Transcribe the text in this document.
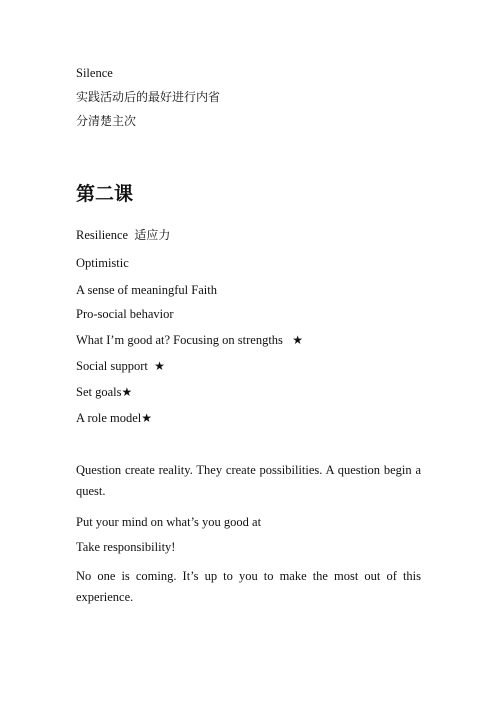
Silence
实践活动后的最好进行内省
分清楚主次
第二课
Resilience 适应力
Optimistic
A sense of meaningful Faith
Pro-social behavior
What I’m good at? Focusing on strengths ★
Social support ★
Set goals★
A role model★
Question create reality. They create possibilities. A question begin a quest.
Put your mind on what’s you good at
Take responsibility!
No one is coming. It’s up to you to make the most out of this experience.
